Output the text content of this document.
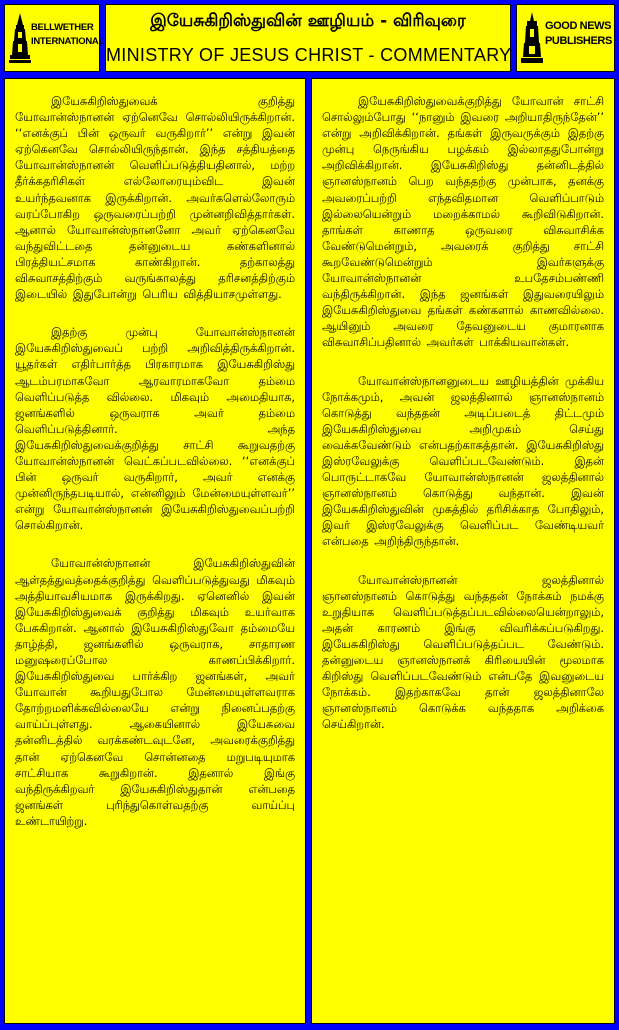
BELLWETHER
INTERNATIONAL
இயேசுகிறிஸ்துவின் ஊழியம் - விரிவுரை
MINISTRY OF JESUS CHRIST - COMMENTARY
GOOD NEWS
PUBLISHERS

இயேசுகிறிஸ்துவைக் குறித்து யோவான்ஸ்நானன் ஏற்னெவே சொல்லியிருக்கிறான். ‘‘எனக்குப் பின் ஒருவர் வருகிறார்’’ என்று இவன் ஏற்கெனவே சொல்லியிருந்தான். இந்த சத்தியத்தை யோவான்ஸ்நானன் வெளிப்படுத்தியதினால், மற்ற தீர்க்கதரிசிகள் எல்லோரையும்விட இவன் உயர்ந்தவனாக இருக்கிறான். அவர்களெல்லோரும் வரப்போகிற ஒருவரைப்பற்றி முன்னறிவித்தார்கள். ஆனால் யோவான்ஸ்நானனோ அவர் ஏற்கெனவே வந்துவிட்டதை தன்னுடைய கண்களினால் பிரத்தியட்சமாக காண்கிறான். தற்காலத்து விசுவாசத்திற்கும் வருங்காலத்து தரிசனத்திற்கும் இடையில் இதுபோன்று பெரிய வித்தியாசமுள்ளது.

இதற்கு முன்பு யோவான்ஸ்நானன் இயேசுகிறிஸ்துவைப் பற்றி அறிவித்திருக்கிறான். யூதர்கள் எதிர்பார்த்த பிரகாரமாக இயேசுகிறிஸ்து ஆடம்பரமாகவோ ஆரவாரமாகவோ தம்மை வெளிப்படுத்த வில்லை. மிகவும் அமைதியாக, ஜனங்களில் ஒருவராக அவர் தம்மை வெளிப்படுத்தினார். அந்த இயேசுகிறிஸ்துவைக்குறித்து சாட்சி கூறுவதற்கு யோவான்ஸ்நானன் வெட்கப்படவில்லை. ‘‘எனக்குப் பின் ஒருவர் வருகிறார், அவர் எனக்கு முன்னிருந்தபடியால், என்னிலும் மேன்மையுள்ளவர்’’ என்று யோவான்ஸ்நானன் இயேசுகிறிஸ்துவைப்பற்றி சொல்கிறான்.

யோவான்ஸ்நானன் இயேசுகிறிஸ்துவின் ஆள்தத்துவத்தைக்குறித்து வெளிப்படுத்துவது மிகவும் அத்தியாவசியமாக இருக்கிறது. ஏனெனில் இவன் இயேசுகிறிஸ்துவைக் குறித்து மிகவும் உயர்வாக பேசுகிறான். ஆனால் இயேசுகிறிஸ்துவோ தம்மையே தாழ்த்தி, ஜனங்களில் ஒருவராக, சாதாரண மனுஷரைப்போல காணப்பிக்கிறார். இயேசுகிறிஸ்துவை பார்க்கிற ஜனங்கள், அவர் யோவான் கூறியதுபோல மேன்மையுள்ளவராக தோற்றமளிக்கவில்லையே என்று நினைப்பதற்கு வாய்ப்புள்ளது. ஆகையினால் இயேசுவை தன்னிடத்தில் வரக்கண்டவுடனே, அவரைக்குறித்து தான் ஏற்கெனவே சொன்னதை மறுபடியுமாக சாட்சியாக கூறுகிறான். இதனால் இங்கு வந்திருக்கிறவர் இயேசுகிறிஸ்துதான் என்பதை ஜனங்கள் புரிந்துகொள்வதற்கு வாய்ப்பு உண்டாயிற்று.

இயேசுகிறிஸ்துவைக்குறித்து யோவான் சாட்சி சொல்லும்போது ‘‘நானும் இவரை அறியாதிருந்தேன்’’ என்று அறிவிக்கிறான். தங்கள் இருவருக்கும் இதற்கு முன்பு நெருங்கிய பழக்கம் இல்லாததுபோன்று அறிவிக்கிறான். இயேசுகிறிஸ்து தன்னிடத்தில் ஞானஸ்நானம் பெற வந்ததற்கு முன்பாக, தனக்கு அவரைப்பற்றி எந்தவிதமான வெளிப்பாடும் இல்லையென்றும் மறைக்காமல் கூறிவிடுகிறான். தாங்கள் காணாத ஒருவரை விசுவாசிக்க வேண்டுமென்றும், அவரைக் குறித்து சாட்சி கூறவேண்டுமென்றும் இவர்களுக்கு யோவான்ஸ்நானன் உபதேசம்பண்ணி வந்திருக்கிறான். இந்த ஜனங்கள் இதுவரையிலும் இயேசுகிறிஸ்துவை தங்கள் கண்களால் காணவில்லை. ஆயினும் அவரை தேவனுடைய குமாரனாக விசுவாசிப்பதினால் அவர்கள் பாக்கியவான்கள்.

யோவான்ஸ்நானனுடைய ஊழியத்தின் முக்கிய நோக்கமும், அவன் ஜலத்தினால் ஞானஸ்நானம் கொடுத்து வந்ததன் அடிப்படைத் திட்டமும் இயேசுகிறிஸ்துவை அறிமுகம் செய்து வைக்கவேண்டும் என்பதற்காகத்தான். இயேசுகிறிஸ்து இஸ்ரவேலுக்கு வெளிப்படவேண்டும். இதன் பொருட்டாகவே யோவான்ஸ்நானன் ஜலத்தினால் ஞானஸ்நானம் கொடுத்து வந்தான். இவன் இயேசுகிறிஸ்துவின் முகத்தில் தரிசிக்காத போதிலும், இவர் இஸ்ரவேலுக்கு வெளிப்பட வேண்டியவர் என்பதை அறிந்திருந்தான்.

யோவான்ஸ்நானன் ஜலத்தினால் ஞானஸ்நானம் கொடுத்து வந்ததன் நோக்கம் நமக்கு உறுதியாக வெளிப்படுத்தப்படவில்லையென்றாலும், அதன் காரணம் இங்கு விவரிக்கப்படுகிறது. இயேசுகிறிஸ்து வெளிப்படுத்தப்பட வேண்டும். தன்னுடைய ஞானஸ்நானக் கிரியையின் மூலமாக கிறிஸ்து வெளிப்படவேண்டும் என்பதே இவனுடைய நோக்கம். இதற்காகவே தான் ஜலத்தினாலே ஞானஸ்நானம் கொடுக்க வந்ததாக அறிக்கை செய்கிறான்.
